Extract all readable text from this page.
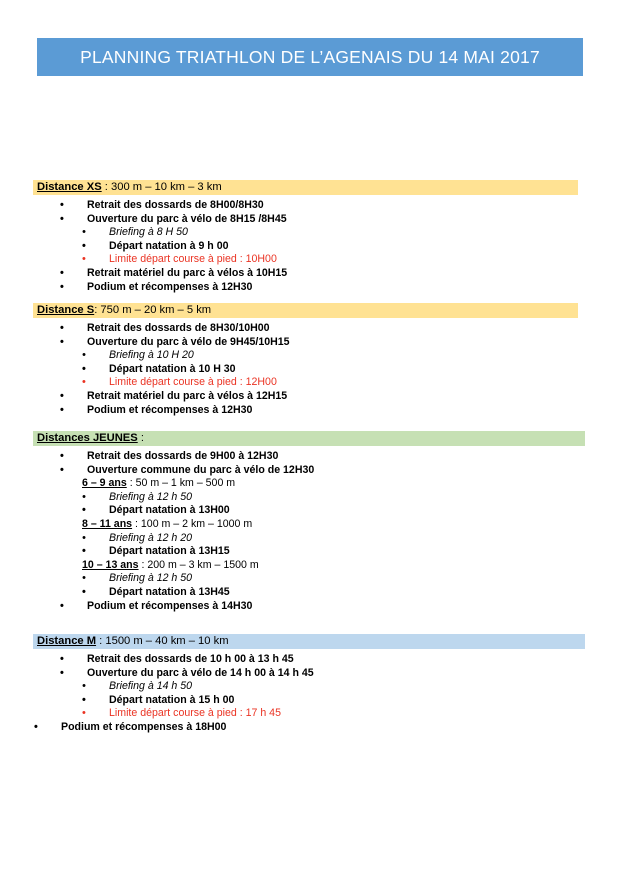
PLANNING TRIATHLON DE L’AGENAIS DU 14 MAI 2017
Distance XS : 300 m – 10 km – 3 km
•	Retrait des dossards de 8H00/8H30
•	Ouverture du parc à vélo de 8H15 /8H45
•	Briefing à 8 H 50
•	Départ natation à 9 h 00
•	Limite départ course à pied : 10H00
•	Retrait matériel du parc à vélos à 10H15
•	Podium et récompenses à 12H30
Distance S: 750 m – 20 km – 5 km
•	Retrait des dossards de 8H30/10H00
•	Ouverture du parc à vélo de 9H45/10H15
•	Briefing à 10 H 20
•	Départ natation à 10 H 30
•	Limite départ course à pied : 12H00
•	Retrait matériel du parc à vélos à 12H15
•	Podium et récompenses à 12H30
Distances JEUNES :
•	Retrait des dossards de 9H00 à 12H30
•	Ouverture commune du parc à vélo de 12H30
6 – 9 ans : 50 m – 1 km – 500 m
•	Briefing à 12 h 50
•	Départ natation à 13H00
8 – 11 ans : 100 m – 2 km – 1000 m
•	Briefing à 12 h 20
•	Départ natation à 13H15
10 – 13 ans : 200 m – 3 km – 1500 m
•	Briefing à 12 h 50
•	Départ natation à 13H45
•	Podium et récompenses à 14H30
Distance M : 1500 m – 40 km – 10 km
•	Retrait des dossards de 10 h 00 à 13 h 45
•	Ouverture du parc à vélo de 14 h 00 à 14 h 45
•	Briefing à 14 h 50
•	Départ natation à 15 h 00
•	Limite départ course à pied : 17 h 45
•	Podium et récompenses à 18H00
